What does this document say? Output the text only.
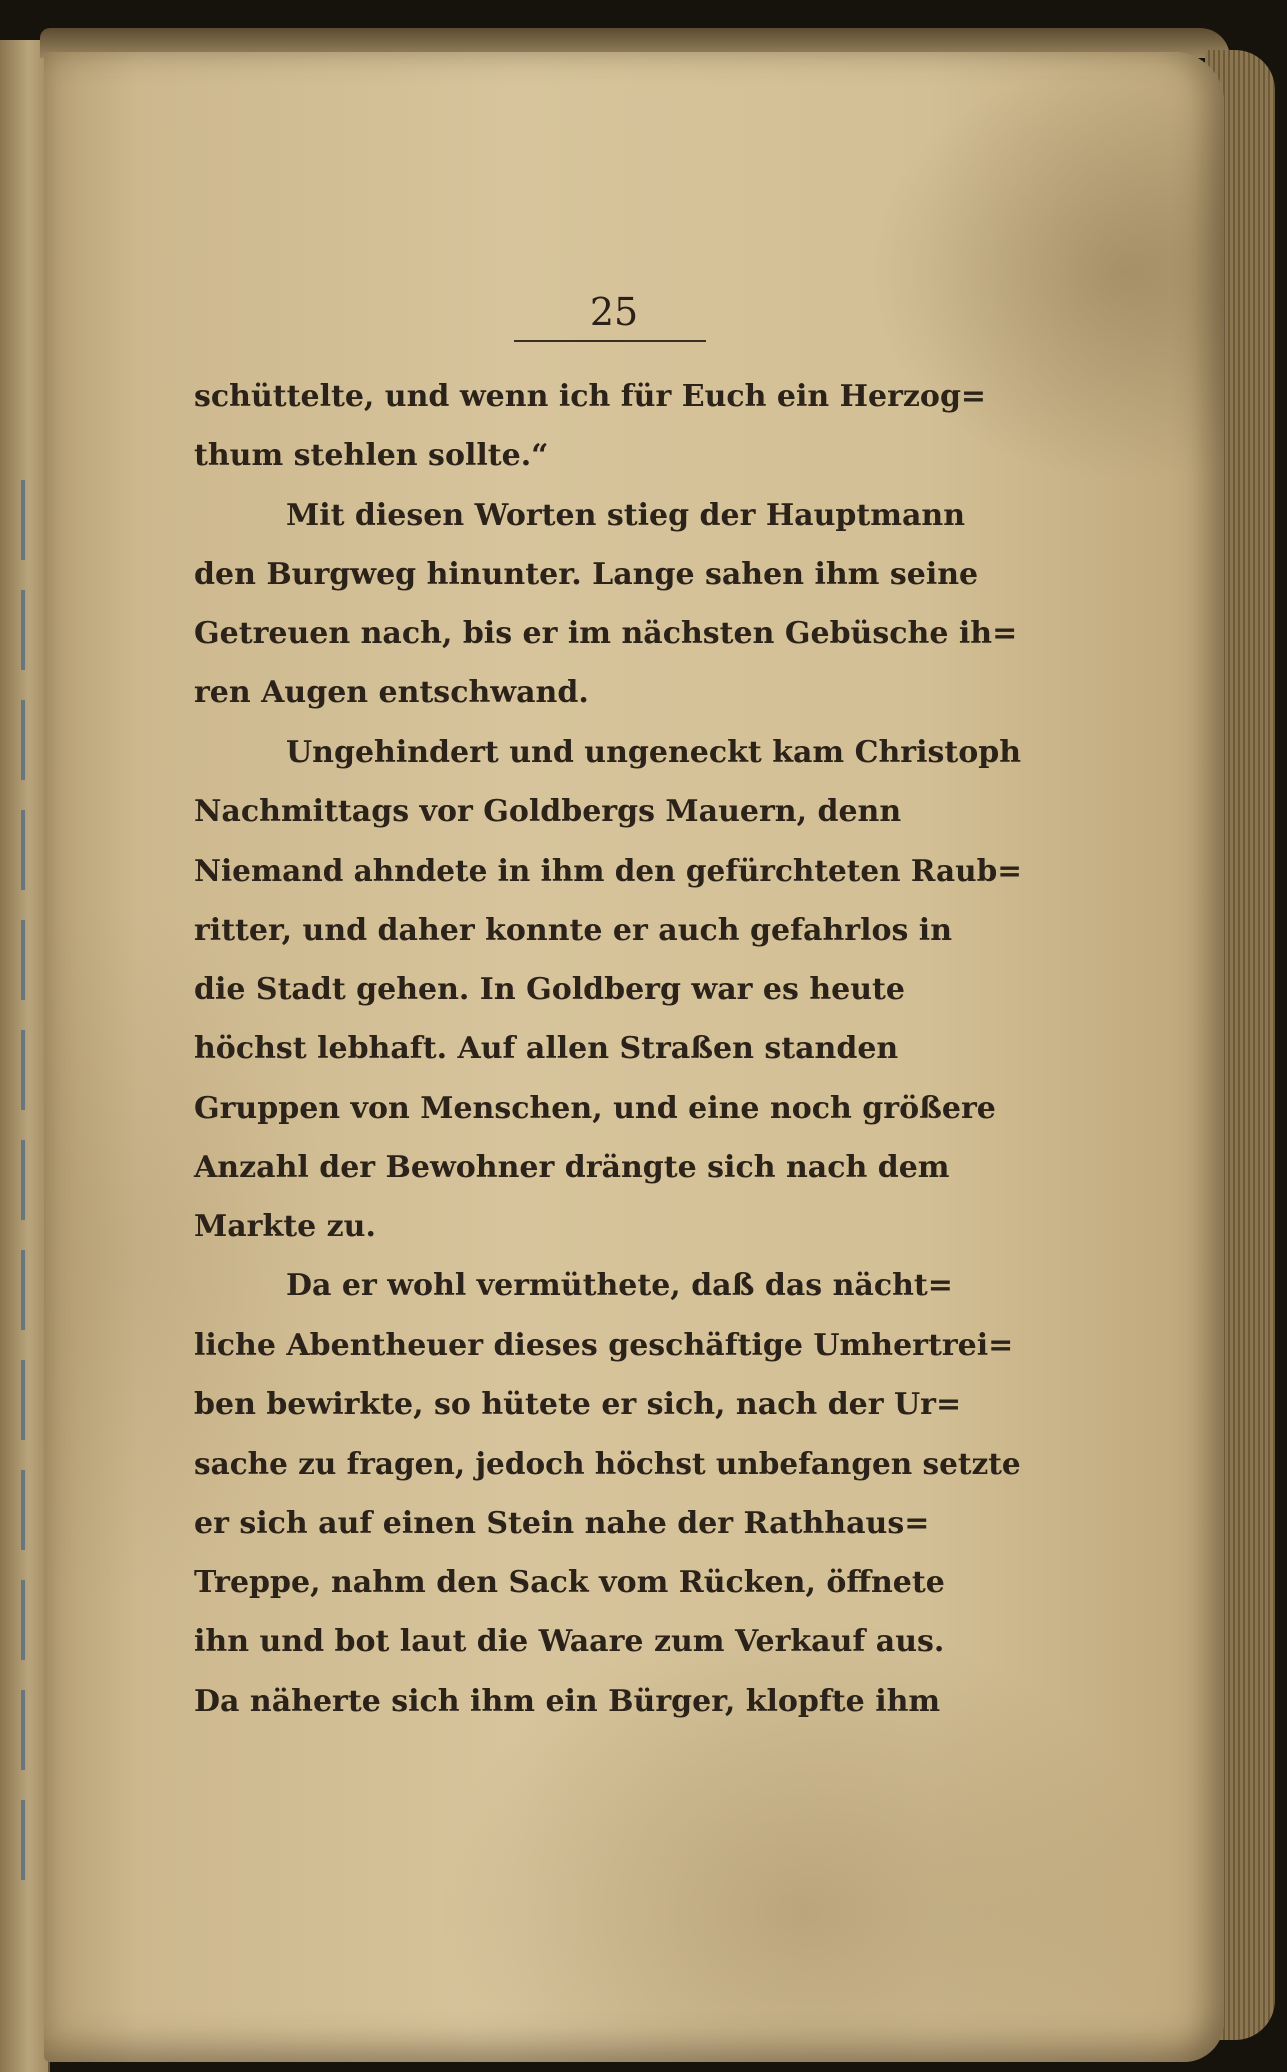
25
schüttelte, und wenn ich für Euch ein Herzog=
thum stehlen sollte.“
Mit diesen Worten stieg der Hauptmann
den Burgweg hinunter. Lange sahen ihm seine
Getreuen nach, bis er im nächsten Gebüsche ih=
ren Augen entschwand.
Ungehindert und ungeneckt kam Christoph
Nachmittags vor Goldbergs Mauern, denn
Niemand ahndete in ihm den gefürchteten Raub=
ritter, und daher konnte er auch gefahrlos in
die Stadt gehen. In Goldberg war es heute
höchst lebhaft. Auf allen Straßen standen
Gruppen von Menschen, und eine noch größere
Anzahl der Bewohner drängte sich nach dem
Markte zu.
Da er wohl vermüthete, daß das nächt=
liche Abentheuer dieses geschäftige Umhertrei=
ben bewirkte, so hütete er sich, nach der Ur=
sache zu fragen, jedoch höchst unbefangen setzte
er sich auf einen Stein nahe der Rathhaus=
Treppe, nahm den Sack vom Rücken, öffnete
ihn und bot laut die Waare zum Verkauf aus.
Da näherte sich ihm ein Bürger, klopfte ihm
